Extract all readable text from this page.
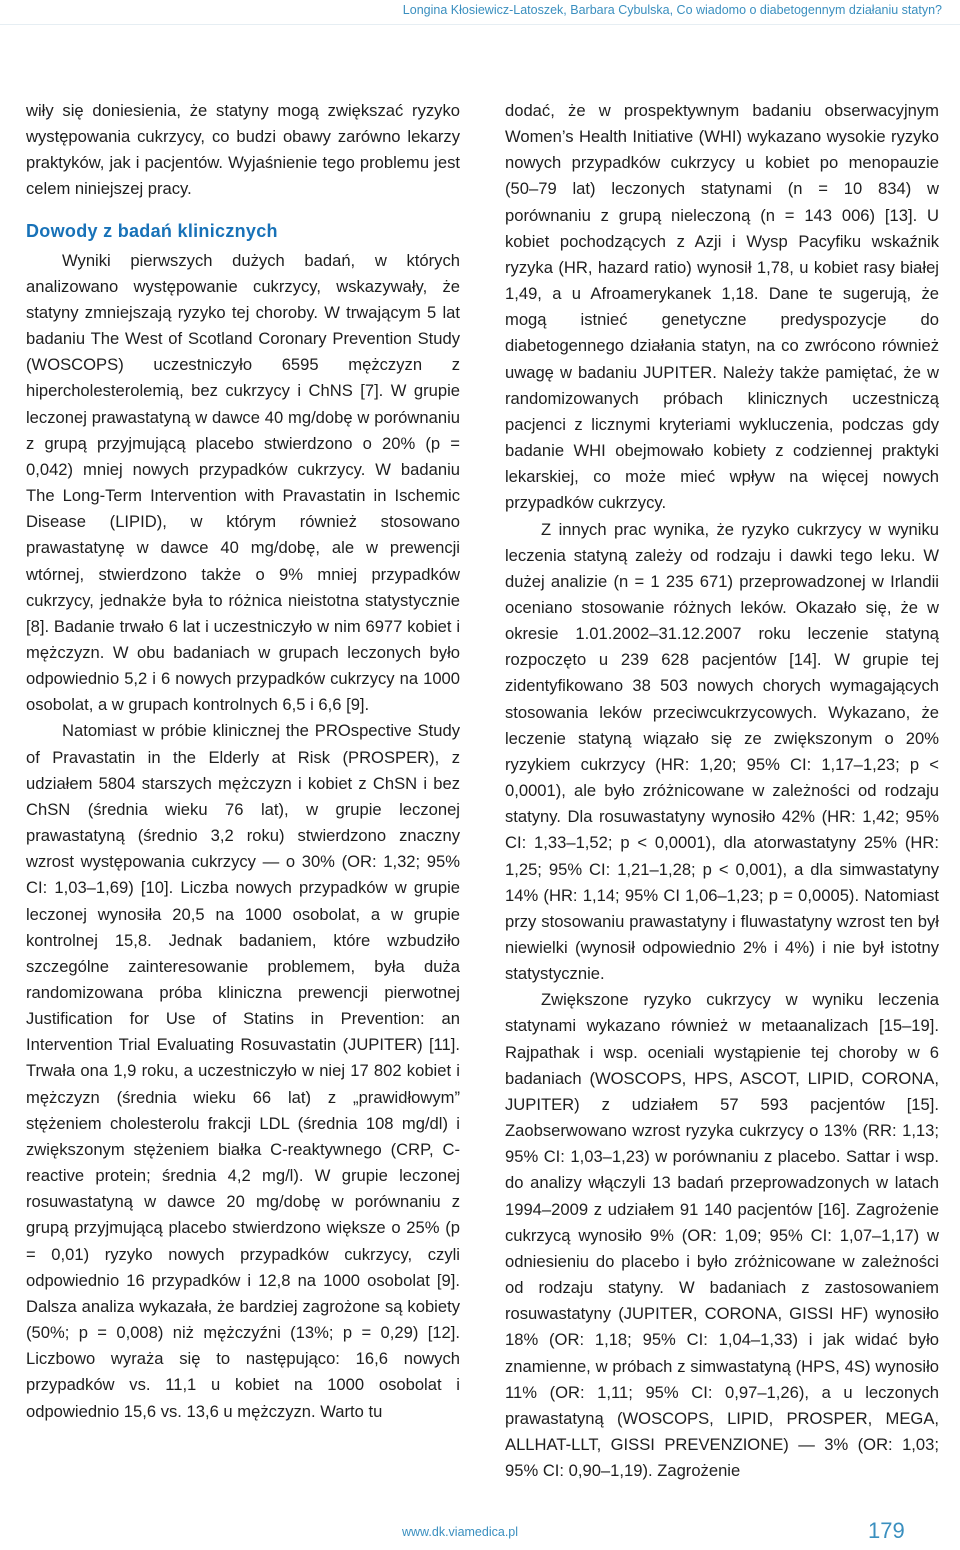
Longina Kłosiewicz-Latoszek, Barbara Cybulska, Co wiadomo o diabetogennym działaniu statyn?

wiły się doniesienia, że statyny mogą zwiększać ryzyko występowania cukrzycy, co budzi obawy zarówno lekarzy praktyków, jak i pacjentów. Wyjaśnienie tego problemu jest celem niniejszej pracy.

Dowody z badań klinicznych

Wyniki pierwszych dużych badań, w których analizowano występowanie cukrzycy, wskazywały, że statyny zmniejszają ryzyko tej choroby. W trwającym 5 lat badaniu The West of Scotland Coronary Prevention Study (WOSCOPS) uczestniczyło 6595 mężczyzn z hipercholesterolemią, bez cukrzycy i ChNS [7]. W grupie leczonej prawastatyną w dawce 40 mg/dobę w porównaniu z grupą przyjmującą placebo stwierdzono o 20% (p = 0,042) mniej nowych przypadków cukrzycy. W badaniu The Long-Term Intervention with Pravastatin in Ischemic Disease (LIPID), w którym również stosowano prawastatynę w dawce 40 mg/dobę, ale w prewencji wtórnej, stwierdzono także o 9% mniej przypadków cukrzycy, jednakże była to różnica nieistotna statystycznie [8]. Badanie trwało 6 lat i uczestniczyło w nim 6977 kobiet i mężczyzn. W obu badaniach w grupach leczonych było odpowiednio 5,2 i 6 nowych przypadków cukrzycy na 1000 osobolat, a w grupach kontrolnych 6,5 i 6,6 [9].

Natomiast w próbie klinicznej the PROspective Study of Pravastatin in the Elderly at Risk (PROSPER), z udziałem 5804 starszych mężczyzn i kobiet z ChSN i bez ChSN (średnia wieku 76 lat), w grupie leczonej prawastatyną (średnio 3,2 roku) stwierdzono znaczny wzrost występowania cukrzycy — o 30% (OR: 1,32; 95% CI: 1,03–1,69) [10]. Liczba nowych przypadków w grupie leczonej wynosiła 20,5 na 1000 osobolat, a w grupie kontrolnej 15,8. Jednak badaniem, które wzbudziło szczególne zainteresowanie problemem, była duża randomizowana próba kliniczna prewencji pierwotnej Justification for Use of Statins in Prevention: an Intervention Trial Evaluating Rosuvastatin (JUPITER) [11]. Trwała ona 1,9 roku, a uczestniczyło w niej 17 802 kobiet i mężczyzn (średnia wieku 66 lat) z „prawidłowym” stężeniem cholesterolu frakcji LDL (średnia 108 mg/dl) i zwiększonym stężeniem białka C-reaktywnego (CRP, C-reactive protein; średnia 4,2 mg/l). W grupie leczonej rosuwastatyną w dawce 20 mg/dobę w porównaniu z grupą przyjmującą placebo stwierdzono większe o 25% (p = 0,01) ryzyko nowych przypadków cukrzycy, czyli odpowiednio 16 przypadków i 12,8 na 1000 osobolat [9]. Dalsza analiza wykazała, że bardziej zagrożone są kobiety (50%; p = 0,008) niż mężczyźni (13%; p = 0,29) [12]. Liczbowo wyraża się to następująco: 16,6 nowych przypadków vs. 11,1 u kobiet na 1000 osobolat i odpowiednio 15,6 vs. 13,6 u mężczyzn. Warto tu

dodać, że w prospektywnym badaniu obserwacyjnym Women’s Health Initiative (WHI) wykazano wysokie ryzyko nowych przypadków cukrzycy u kobiet po menopauzie (50–79 lat) leczonych statynami (n = 10 834) w porównaniu z grupą nieleczoną (n = 143 006) [13]. U kobiet pochodzących z Azji i Wysp Pacyfiku wskaźnik ryzyka (HR, hazard ratio) wynosił 1,78, u kobiet rasy białej 1,49, a u Afroamerykanek 1,18. Dane te sugerują, że mogą istnieć genetyczne predyspozycje do diabetogennego działania statyn, na co zwrócono również uwagę w badaniu JUPITER. Należy także pamiętać, że w randomizowanych próbach klinicznych uczestniczą pacjenci z licznymi kryteriami wykluczenia, podczas gdy badanie WHI obejmowało kobiety z codziennej praktyki lekarskiej, co może mieć wpływ na więcej nowych przypadków cukrzycy.

Z innych prac wynika, że ryzyko cukrzycy w wyniku leczenia statyną zależy od rodzaju i dawki tego leku. W dużej analizie (n = 1 235 671) przeprowadzonej w Irlandii oceniano stosowanie różnych leków. Okazało się, że w okresie 1.01.2002–31.12.2007 roku leczenie statyną rozpoczęto u 239 628 pacjentów [14]. W grupie tej zidentyfikowano 38 503 nowych chorych wymagających stosowania leków przeciwcukrzycowych. Wykazano, że leczenie statyną wiązało się ze zwiększonym o 20% ryzykiem cukrzycy (HR: 1,20; 95% CI: 1,17–1,23; p < 0,0001), ale było zróżnicowane w zależności od rodzaju statyny. Dla rosuwastatyny wynosiło 42% (HR: 1,42; 95% CI: 1,33–1,52; p < 0,0001), dla atorwastatyny 25% (HR: 1,25; 95% CI: 1,21–1,28; p < 0,001), a dla simwastatyny 14% (HR: 1,14; 95% CI 1,06–1,23; p = 0,0005). Natomiast przy stosowaniu prawastatyny i fluwastatyny wzrost ten był niewielki (wynosił odpowiednio 2% i 4%) i nie był istotny statystycznie.

Zwiększone ryzyko cukrzycy w wyniku leczenia statynami wykazano również w metaanalizach [15–19]. Rajpathak i wsp. oceniali wystąpienie tej choroby w 6 badaniach (WOSCOPS, HPS, ASCOT, LIPID, CORONA, JUPITER) z udziałem 57 593 pacjentów [15]. Zaobserwowano wzrost ryzyka cukrzycy o 13% (RR: 1,13; 95% CI: 1,03–1,23) w porównaniu z placebo. Sattar i wsp. do analizy włączyli 13 badań przeprowadzonych w latach 1994–2009 z udziałem 91 140 pacjentów [16]. Zagrożenie cukrzycą wynosiło 9% (OR: 1,09; 95% CI: 1,07–1,17) w odniesieniu do placebo i było zróżnicowane w zależności od rodzaju statyny. W badaniach z zastosowaniem rosuwastatyny (JUPITER, CORONA, GISSI HF) wynosiło 18% (OR: 1,18; 95% CI: 1,04–1,33) i jak widać było znamienne, w próbach z simwastatyną (HPS, 4S) wynosiło 11% (OR: 1,11; 95% CI: 0,97–1,26), a u leczonych prawastatyną (WOSCOPS, LIPID, PROSPER, MEGA, ALLHAT-LLT, GISSI PREVENZIONE) — 3% (OR: 1,03; 95% CI: 0,90–1,19). Zagrożenie

www.dk.viamedica.pl	179
